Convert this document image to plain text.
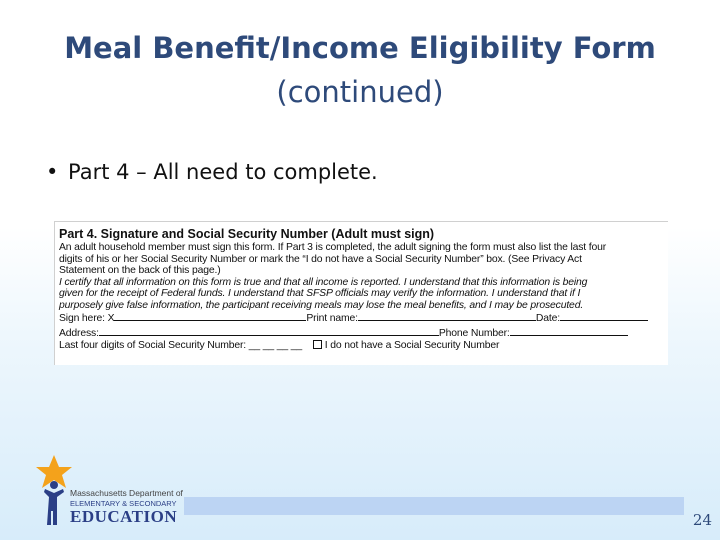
Meal Benefit/Income Eligibility Form
(continued)
• Part 4 – All need to complete.
Part 4. Signature and Social Security Number (Adult must sign)
An adult household member must sign this form. If Part 3 is completed, the adult signing the form must also list the last four
digits of his or her Social Security Number or mark the “I do not have a Social Security Number” box. (See Privacy Act
Statement on the back of this page.)
I certify that all information on this form is true and that all income is reported. I understand that this information is being
given for the receipt of Federal funds. I understand that SFSP officials may verify the information. I understand that if I
purposely give false information, the participant receiving meals may lose the meal benefits, and I may be prosecuted.
Sign here: X	Print name:	Date:
Address:	Phone Number:
Last four digits of Social Security Number: __ __ __ __ I do not have a Social Security Number
Massachusetts Department of
ELEMENTARY & SECONDARY
EDUCATION	24
